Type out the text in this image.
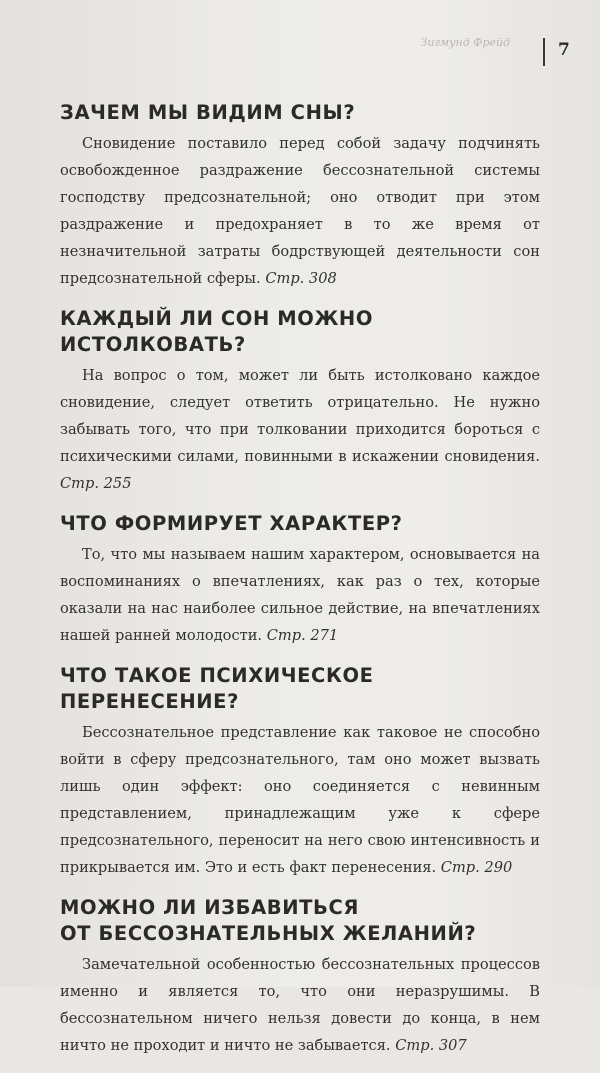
Зигмунд Фрейд	7
ЗАЧЕМ МЫ ВИДИМ СНЫ?

Сновидение поставило перед собой задачу подчинять освобожденное раздражение бессознательной системы господству предсознательной; оно отводит при этом раздражение и предохраняет в то же время от незначительной затраты бодрствующей деятельности сон предсознательной сферы. Стр. 308

КАЖДЫЙ ЛИ СОН МОЖНО ИСТОЛКОВАТЬ?

На вопрос о том, может ли быть истолковано каждое сновидение, следует ответить отрицательно. Не нужно забывать того, что при толковании приходится бороться с психическими силами, повинными в искажении сновидения. Стр. 255

ЧТО ФОРМИРУЕТ ХАРАКТЕР?

То, что мы называем нашим характером, основывается на воспоминаниях о впечатлениях, как раз о тех, которые оказали на нас наиболее сильное действие, на впечатлениях нашей ранней молодости. Стр. 271

ЧТО ТАКОЕ ПСИХИЧЕСКОЕ ПЕРЕНЕСЕНИЕ?

Бессознательное представление как таковое не способно войти в сферу предсознательного, там оно может вызвать лишь один эффект: оно соединяется с невинным представлением, принадлежащим уже к сфере предсознательного, переносит на него свою интенсивность и прикрывается им. Это и есть факт перенесения. Стр. 290

МОЖНО ЛИ ИЗБАВИТЬСЯ
ОТ БЕССОЗНАТЕЛЬНЫХ ЖЕЛАНИЙ?

Замечательной особенностью бессознательных процессов именно и является то, что они неразрушимы. В бессознательном ничего нельзя довести до конца, в нем ничто не проходит и ничто не забывается. Стр. 307
